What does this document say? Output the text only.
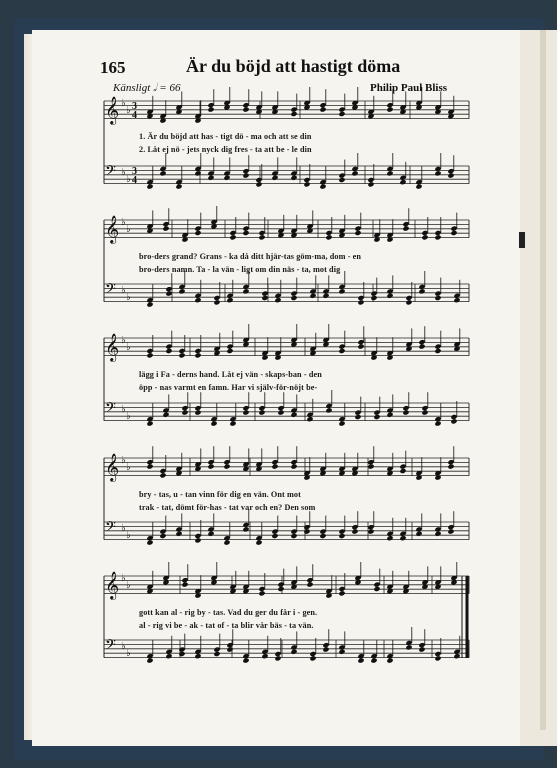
165	Är du böjd att hastigt döma
Känsligt 𝅗𝅥 = 66	Philip Paul Bliss
𝄞 ♭
♭ 3
4
𝄞 ♭
♭
𝄞 ♭
♭
𝄞 ♭
♭
𝄞 ♭
♭
𝄢 ♭
♭
3
4
𝄢 ♭
♭
𝄢 ♭
♭
𝄢 ♭
♭
𝄢 ♭
♭
1. Är du böjd att has - tigt dö - ma och att se din
2. Låt ej nö - jets nyck dig fres - ta att be - le din
bro-ders grand? Grans - ka då ditt hjär-tas göm-ma, dom - en
bro-ders namn. Ta - la vän - ligt om din näs - ta, mot dig
lägg i Fa - derns hand. Låt ej vän - skaps-ban - den
öpp - nas varmt en famn. Har vi själv-för-nöjt be-
bry - tas, u - tan vinn för dig en vän. Ont mot
trak - tat, dömt för-has - tat var och en? Den som
gott kan al - rig by - tas. Vad du ger du får i - gen.
al - rig vi be - ak - tat of - ta blir vår bäs - ta vän.
